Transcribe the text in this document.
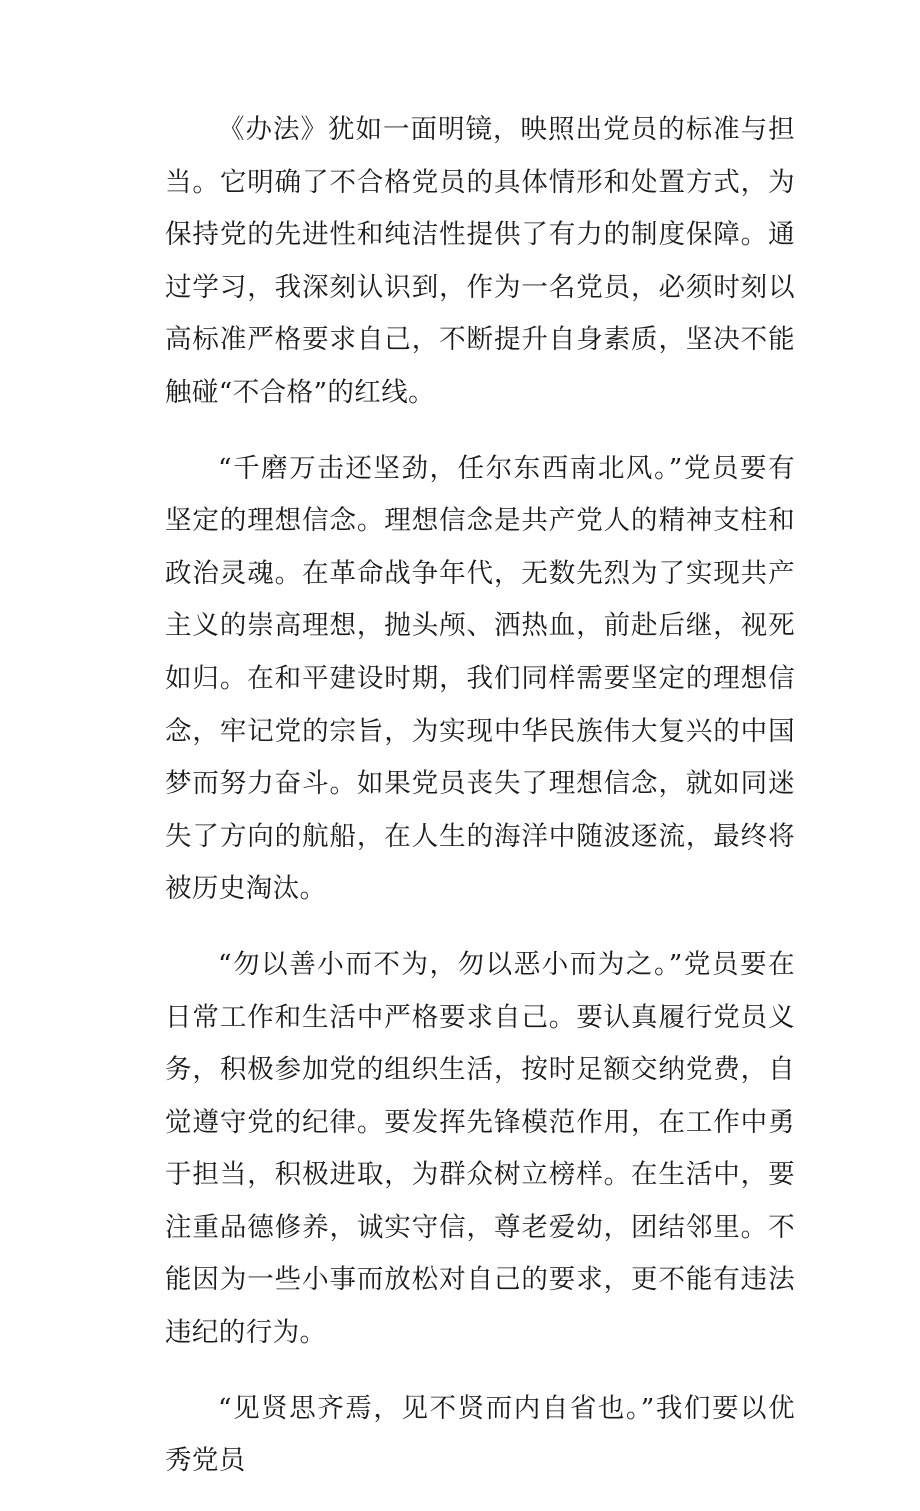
《办法》犹如一面明镜，映照出党员的标准与担当。它明确了不合格党员的具体情形和处置方式，为保持党的先进性和纯洁性提供了有力的制度保障。通过学习，我深刻认识到，作为一名党员，必须时刻以高标准严格要求自己，不断提升自身素质，坚决不能触碰“不合格”的红线。

“千磨万击还坚劲，任尔东西南北风。”党员要有坚定的理想信念。理想信念是共产党人的精神支柱和政治灵魂。在革命战争年代，无数先烈为了实现共产主义的崇高理想，抛头颅、洒热血，前赴后继，视死如归。在和平建设时期，我们同样需要坚定的理想信念，牢记党的宗旨，为实现中华民族伟大复兴的中国梦而努力奋斗。如果党员丧失了理想信念，就如同迷失了方向的航船，在人生的海洋中随波逐流，最终将被历史淘汰。

“勿以善小而不为，勿以恶小而为之。”党员要在日常工作和生活中严格要求自己。要认真履行党员义务，积极参加党的组织生活，按时足额交纳党费，自觉遵守党的纪律。要发挥先锋模范作用，在工作中勇于担当，积极进取，为群众树立榜样。在生活中，要注重品德修养，诚实守信，尊老爱幼，团结邻里。不能因为一些小事而放松对自己的要求，更不能有违法违纪的行为。

“见贤思齐焉，见不贤而内自省也。”我们要以优秀党员
